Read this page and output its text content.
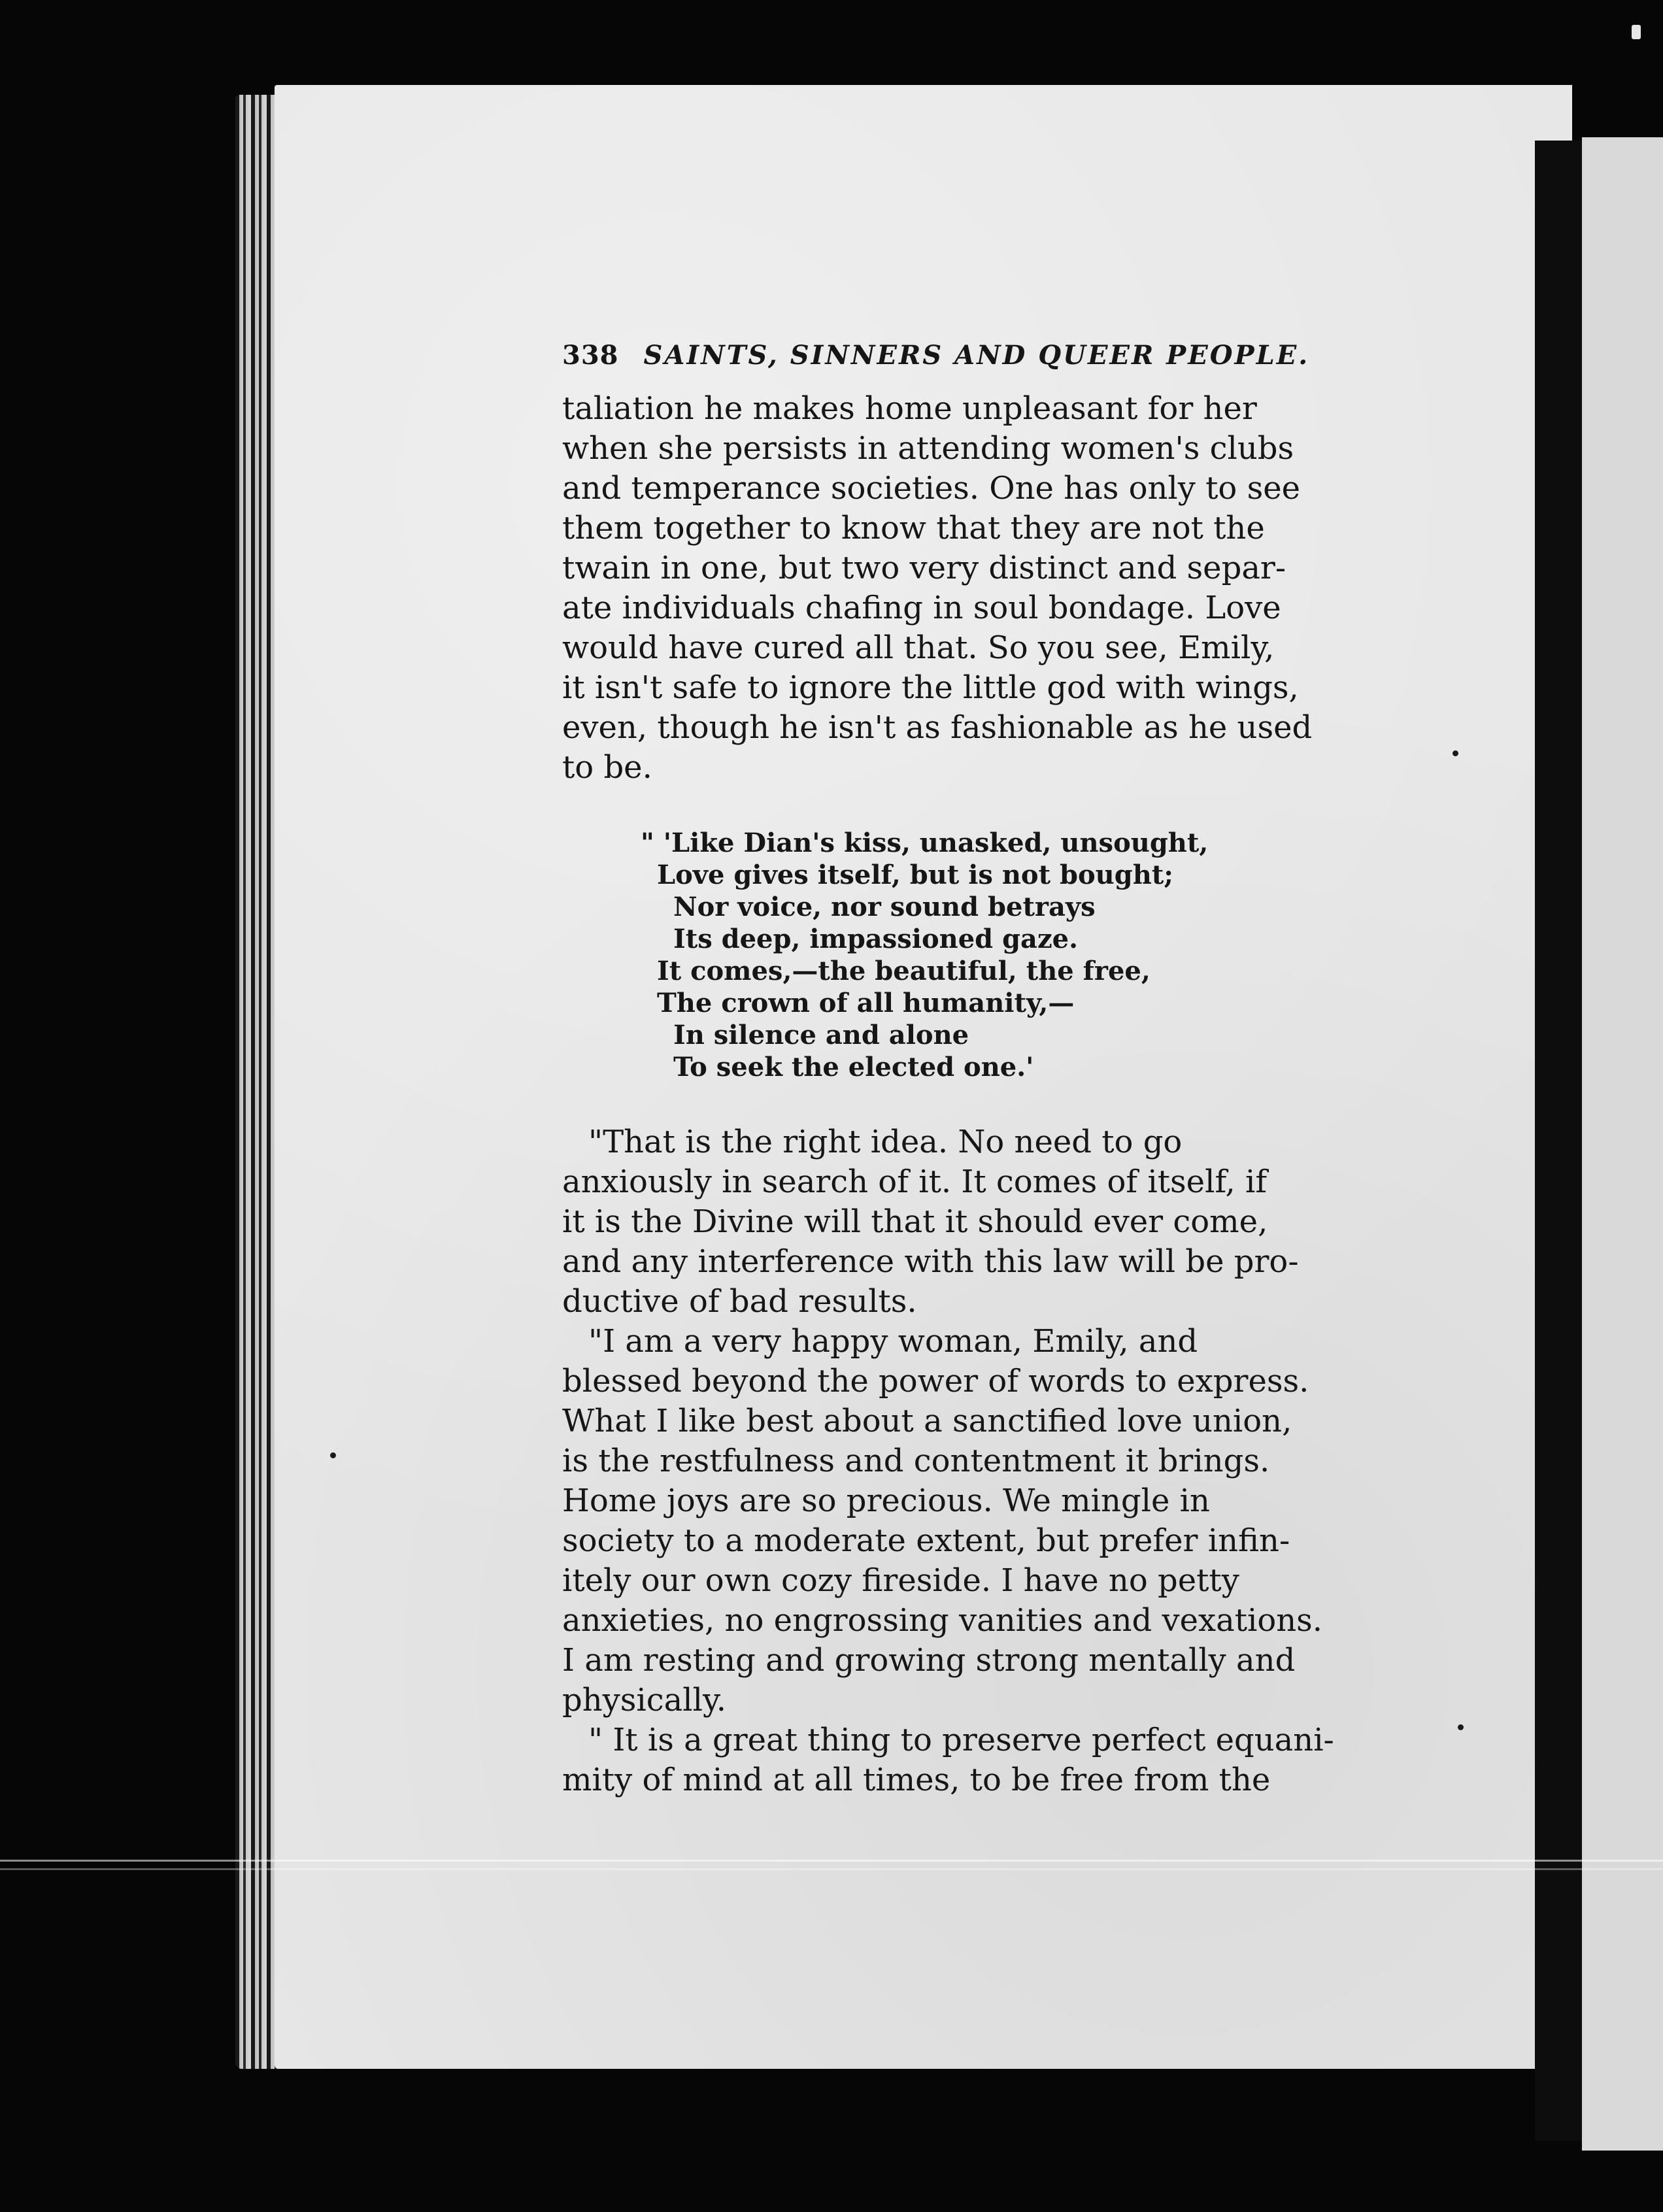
338 SAINTS, SINNERS AND QUEER PEOPLE.

taliation he makes home unpleasant for her
when she persists in attending women's clubs
and temperance societies. One has only to see
them together to know that they are not the
twain in one, but two very distinct and separ-
ate individuals chafing in soul bondage. Love
would have cured all that. So you see, Emily,
it isn't safe to ignore the little god with wings,
even, though he isn't as fashionable as he used
to be.

" 'Like Dian's kiss, unasked, unsought,
Love gives itself, but is not bought;
Nor voice, nor sound betrays
Its deep, impassioned gaze.
It comes,—the beautiful, the free,
The crown of all humanity,—
In silence and alone
To seek the elected one.'

"That is the right idea. No need to go
anxiously in search of it. It comes of itself, if
it is the Divine will that it should ever come,
and any interference with this law will be pro-
ductive of bad results.

"I am a very happy woman, Emily, and
blessed beyond the power of words to express.
What I like best about a sanctified love union,
is the restfulness and contentment it brings.
Home joys are so precious. We mingle in
society to a moderate extent, but prefer infin-
itely our own cozy fireside. I have no petty
anxieties, no engrossing vanities and vexations.
I am resting and growing strong mentally and
physically.

" It is a great thing to preserve perfect equani-
mity of mind at all times, to be free from the
